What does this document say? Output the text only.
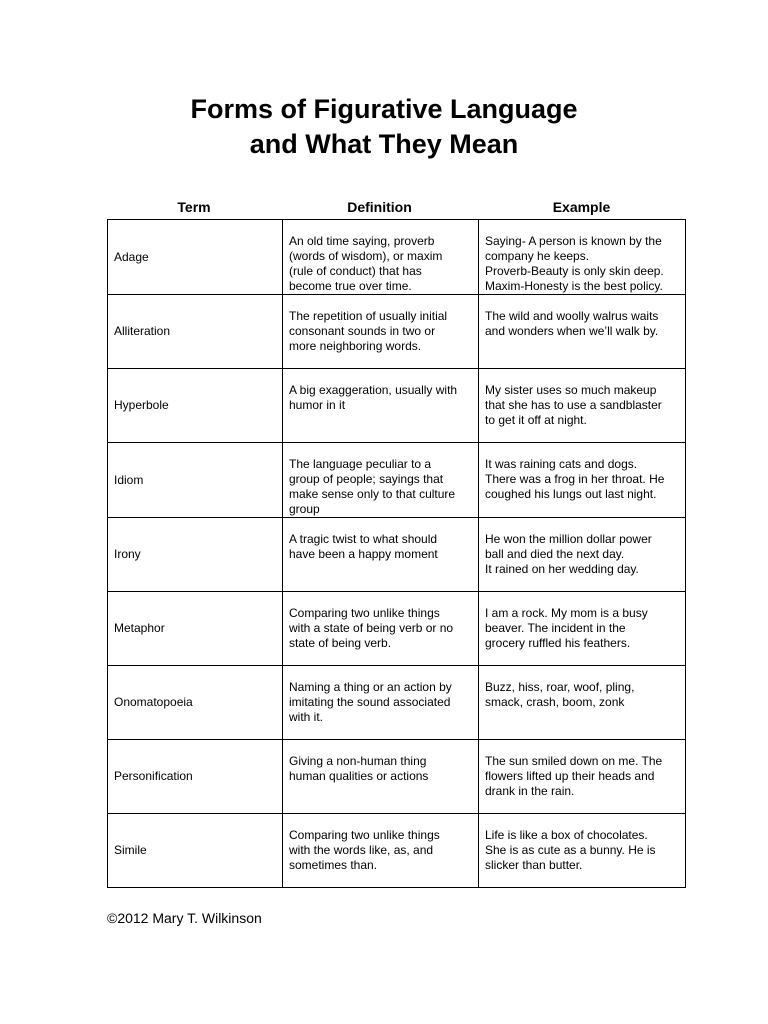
Forms of Figurative Language
and What They Mean
Term	Definition	Example
Adage	An old time saying, proverb
(words of wisdom), or maxim
(rule of conduct) that has
become true over time.	Saying- A person is known by the
company he keeps.
Proverb-Beauty is only skin deep.
Maxim-Honesty is the best policy.
Alliteration	The repetition of usually initial
consonant sounds in two or
more neighboring words.	The wild and woolly walrus waits
and wonders when we’ll walk by.
Hyperbole	A big exaggeration, usually with
humor in it	My sister uses so much makeup
that she has to use a sandblaster
to get it off at night.
Idiom	The language peculiar to a
group of people; sayings that
make sense only to that culture
group	It was raining cats and dogs.
There was a frog in her throat. He
coughed his lungs out last night.
Irony	A tragic twist to what should
have been a happy moment	He won the million dollar power
ball and died the next day.
It rained on her wedding day.
Metaphor	Comparing two unlike things
with a state of being verb or no
state of being verb.	I am a rock. My mom is a busy
beaver. The incident in the
grocery ruffled his feathers.
Onomatopoeia	Naming a thing or an action by
imitating the sound associated
with it.	Buzz, hiss, roar, woof, pling,
smack, crash, boom, zonk
Personification	Giving a non-human thing
human qualities or actions	The sun smiled down on me. The
flowers lifted up their heads and
drank in the rain.
Simile	Comparing two unlike things
with the words like, as, and
sometimes than.	Life is like a box of chocolates.
She is as cute as a bunny. He is
slicker than butter.
©2012 Mary T. Wilkinson
